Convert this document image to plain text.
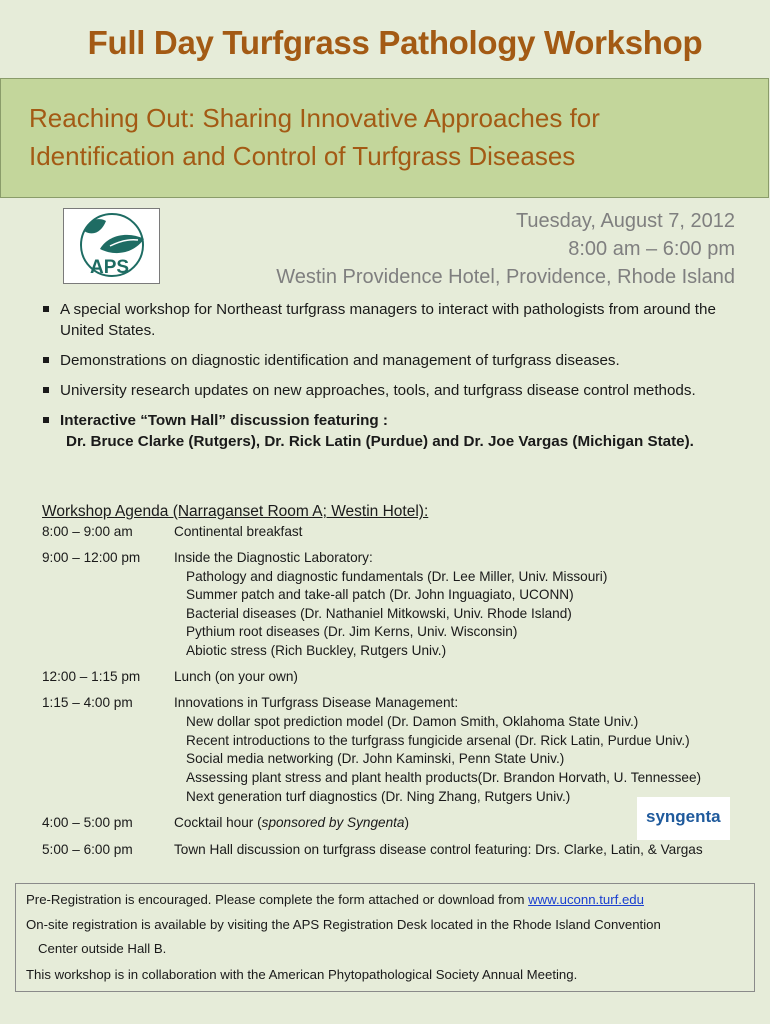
Full Day Turfgrass Pathology Workshop
Reaching Out: Sharing Innovative Approaches for
Identification and Control of Turfgrass Diseases
APS
Tuesday, August 7, 2012
8:00 am – 6:00 pm
Westin Providence Hotel, Providence, Rhode Island
A special workshop for Northeast turfgrass managers to interact with pathologists from around the United States.
Demonstrations on diagnostic identification and management of turfgrass diseases.
University research updates on new approaches, tools, and turfgrass disease control methods.
Interactive “Town Hall” discussion featuring :
Dr. Bruce Clarke (Rutgers), Dr. Rick Latin (Purdue) and Dr. Joe Vargas (Michigan State).
Workshop Agenda (Narraganset Room A; Westin Hotel):
8:00 – 9:00 am	Continental breakfast
9:00 – 12:00 pm Inside the Diagnostic Laboratory:
Pathology and diagnostic fundamentals (Dr. Lee Miller, Univ. Missouri)
Summer patch and take-all patch (Dr. John Inguagiato, UCONN)
Bacterial diseases (Dr. Nathaniel Mitkowski, Univ. Rhode Island)
Pythium root diseases (Dr. Jim Kerns, Univ. Wisconsin)
Abiotic stress (Rich Buckley, Rutgers Univ.)
12:00 – 1:15 pm Lunch (on your own)
1:15 – 4:00 pm	Innovations in Turfgrass Disease Management:
New dollar spot prediction model (Dr. Damon Smith, Oklahoma State Univ.)
Recent introductions to the turfgrass fungicide arsenal (Dr. Rick Latin, Purdue Univ.)
Social media networking (Dr. John Kaminski, Penn State Univ.)
Assessing plant stress and plant health products(Dr. Brandon Horvath, U. Tennessee)
Next generation turf diagnostics (Dr. Ning Zhang, Rutgers Univ.)
4:00 – 5:00 pm	Cocktail hour (sponsored by Syngenta)
5:00 – 6:00 pm	Town Hall discussion on turfgrass disease control featuring: Drs. Clarke, Latin, & Vargas
syngenta
Pre-Registration is encouraged. Please complete the form attached or download from www.uconn.turf.edu
On-site registration is available by visiting the APS Registration Desk located in the Rhode Island Convention
Center outside Hall B.
This workshop is in collaboration with the American Phytopathological Society Annual Meeting.
